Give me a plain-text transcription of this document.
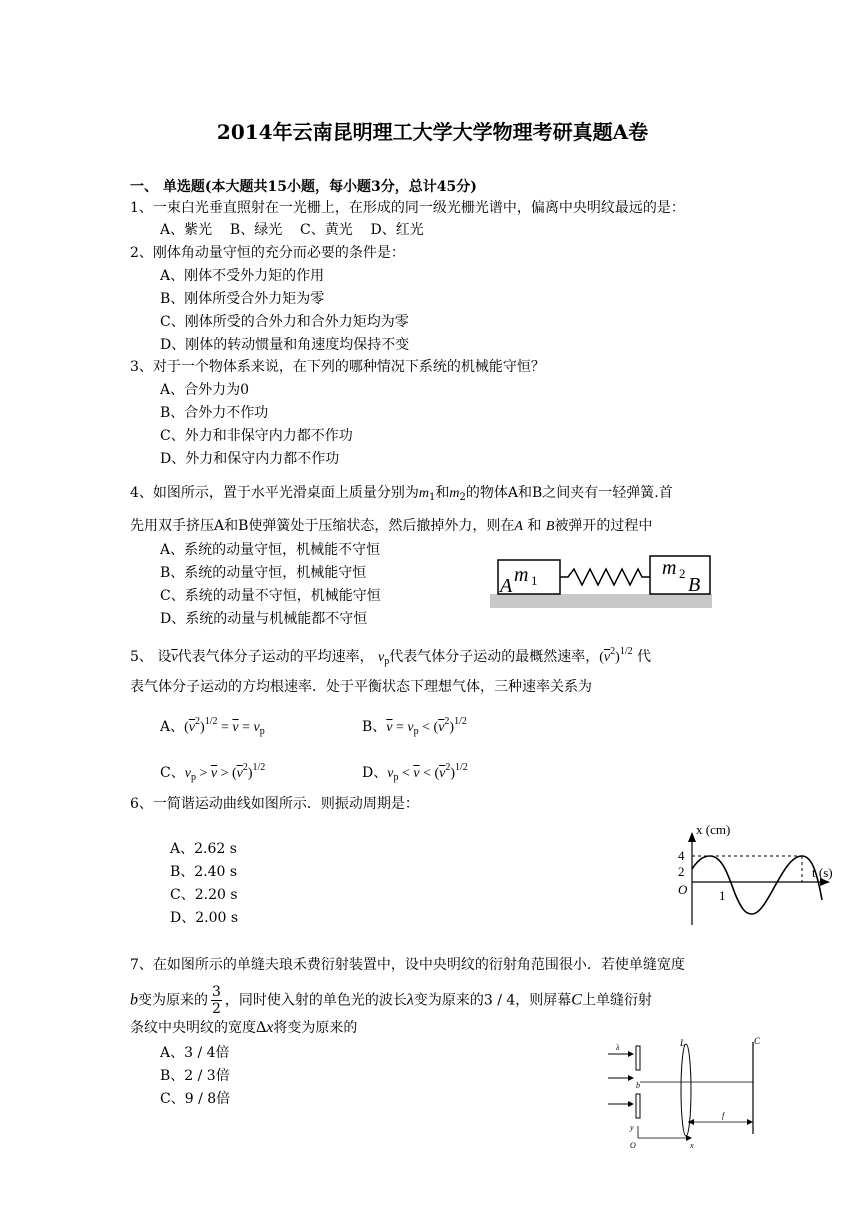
2014年云南昆明理工大学大学物理考研真题A卷
一、 单选题(本大题共15小题，每小题3分，总计45分)
1、一束白光垂直照射在一光栅上，在形成的同一级光栅光谱中，偏离中央明纹最远的是：
A、紫光    B、绿光    C、黄光    D、红光
2、刚体角动量守恒的充分而必要的条件是：
A、刚体不受外力矩的作用
B、刚体所受合外力矩为零
C、刚体所受的合外力和合外力矩均为零
D、刚体的转动惯量和角速度均保持不变
3、对于一个物体系来说，在下列的哪种情况下系统的机械能守恒？
A、合外力为0
B、合外力不作功
C、外力和非保守内力都不作功
D、外力和保守内力都不作功
4、如图所示，置于水平光滑桌面上质量分别为$m_1$和$m_2$的物体A和B之间夹有一轻弹簧.首
先用双手挤压A和B使弹簧处于压缩状态，然后撤掉外力，则在A 和 B被弹开的过程中
A、系统的动量守恒，机械能不守恒
B、系统的动量守恒，机械能守恒
C、系统的动量不守恒，机械能守恒
D、系统的动量与机械能都不守恒
A m 1
m 2
B
5、 设$\overline{v}$代表气体分子运动的平均速率， $v_p$代表气体分子运动的最概然速率，$(\overline{v}^2)^{1/2}$ 代
表气体分子运动的方均根速率．处于平衡状态下理想气体，三种速率关系为
A、$(\overline{v}^2)^{1/2} = \overline{v} = v_p$	B、$\overline{v} = v_p < (\overline{v}^2)^{1/2}$
C、$v_p > \overline{v} > (\overline{v}^2)^{1/2}$	D、$v_p < \overline{v} < (\overline{v}^2)^{1/2}$
6、一简谐运动曲线如图所示．则振动周期是：
A、2.62 s
B、2.40 s
C、2.20 s
D、2.00 s
x (cm)
t (s)
4
2
O 1
7、在如图所示的单缝夫琅禾费衍射装置中，设中央明纹的衍射角范围很小．若使单缝宽度
b变为原来的 $\frac{3}{2}$ ，同时使入射的单色光的波长λ变为原来的3 / 4，则屏幕C上单缝衍射
条纹中央明纹的宽度Δx将变为原来的
A、3 / 4倍
B、2 / 3倍
C、9 / 8倍
λ
b
L	C
f
y
x
O
